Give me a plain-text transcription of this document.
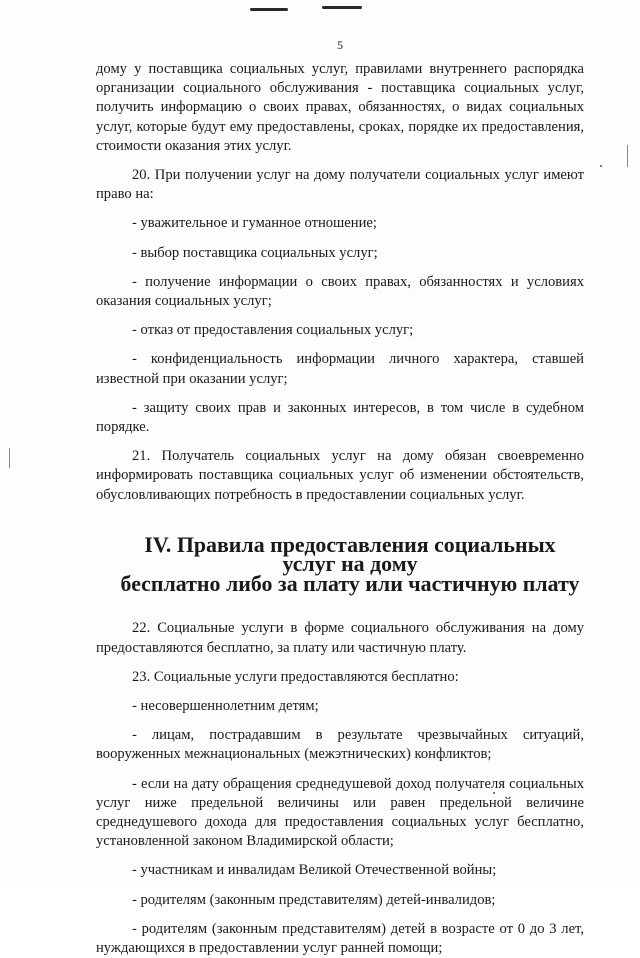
5

дому у поставщика социальных услуг, правилами внутреннего распорядка организации социального обслуживания - поставщика социальных услуг, получить информацию о своих правах, обязанностях, о видах социальных услуг, которые будут ему предоставлены, сроках, порядке их предоставления, стоимости оказания этих услуг.

20. При получении услуг на дому получатели социальных услуг имеют право на:

- уважительное и гуманное отношение;

- выбор поставщика социальных услуг;

- получение информации о своих правах, обязанностях и условиях оказания социальных услуг;

- отказ от предоставления социальных услуг;

- конфиденциальность информации личного характера, ставшей известной при оказании услуг;

- защиту своих прав и законных интересов, в том числе в судебном порядке.

21. Получатель социальных услуг на дому обязан своевременно информировать поставщика социальных услуг об изменении обстоятельств, обусловливающих потребность в предоставлении социальных услуг.

IV. Правила предоставления социальных услуг на дому
бесплатно либо за плату или частичную плату

22. Социальные услуги в форме социального обслуживания на дому предоставляются бесплатно, за плату или частичную плату.

23. Социальные услуги предоставляются бесплатно:

- несовершеннолетним детям;

- лицам, пострадавшим в результате чрезвычайных ситуаций, вооруженных межнациональных (межэтнических) конфликтов;

- если на дату обращения среднедушевой доход получателя социальных услуг ниже предельной величины или равен предельной величине среднедушевого дохода для предоставления социальных услуг бесплатно, установленной законом Владимирской области;

- участникам и инвалидам Великой Отечественной войны;

- родителям (законным представителям) детей-инвалидов;

- родителям (законным представителям) детей в возрасте от 0 до 3 лет, нуждающихся в предоставлении услуг ранней помощи;
